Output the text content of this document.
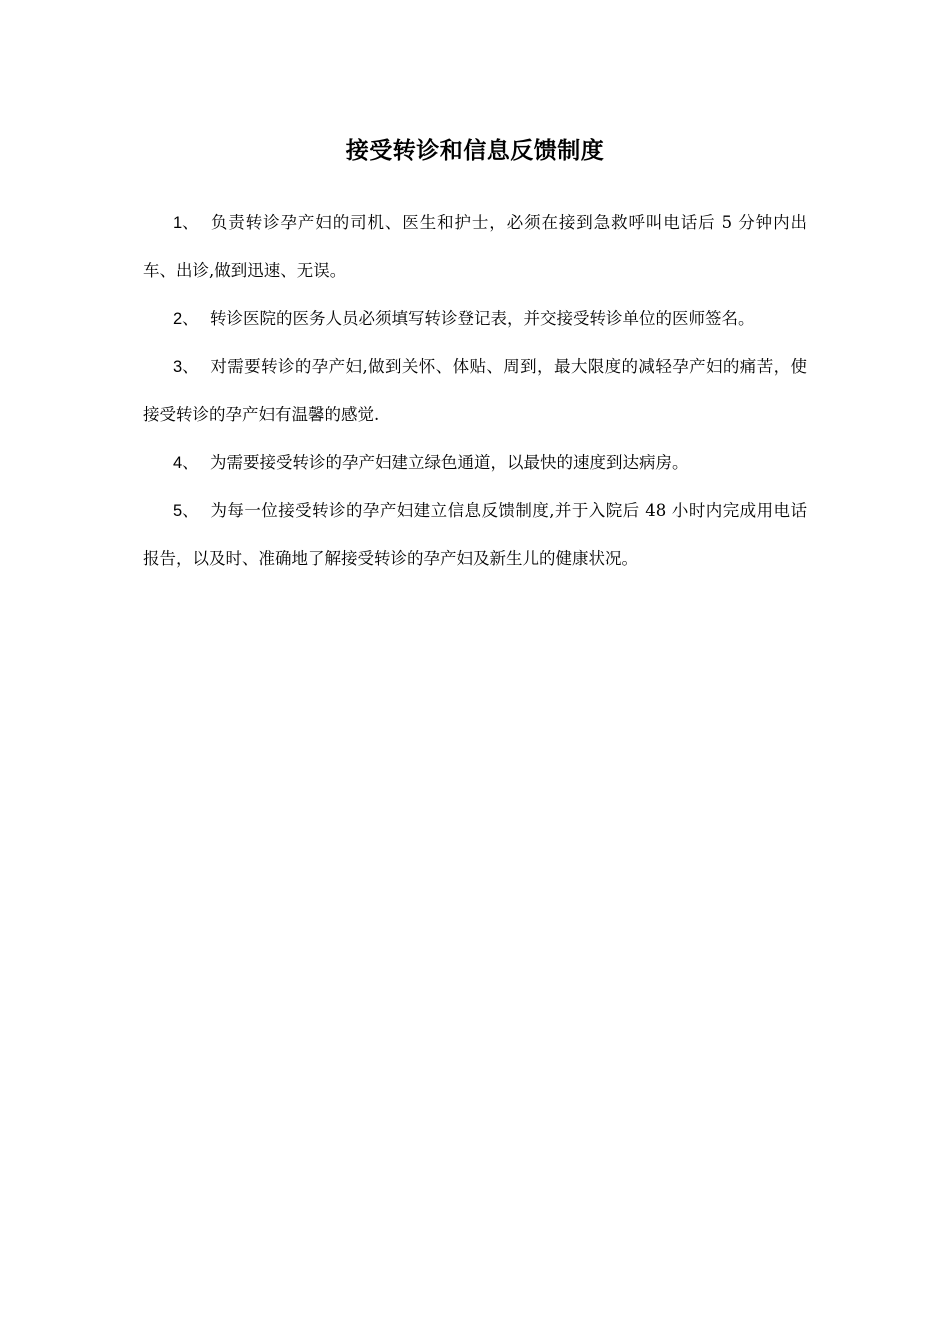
接受转诊和信息反馈制度

1、 负责转诊孕产妇的司机、医生和护士，必须在接到急救呼叫电话后 5 分钟内出车、出诊,做到迅速、无误。

2、 转诊医院的医务人员必须填写转诊登记表，并交接受转诊单位的医师签名。

3、 对需要转诊的孕产妇,做到关怀、体贴、周到，最大限度的减轻孕产妇的痛苦，使接受转诊的孕产妇有温馨的感觉.

4、 为需要接受转诊的孕产妇建立绿色通道，以最快的速度到达病房。

5、 为每一位接受转诊的孕产妇建立信息反馈制度,并于入院后 48 小时内完成用电话报告，以及时、准确地了解接受转诊的孕产妇及新生儿的健康状况。
